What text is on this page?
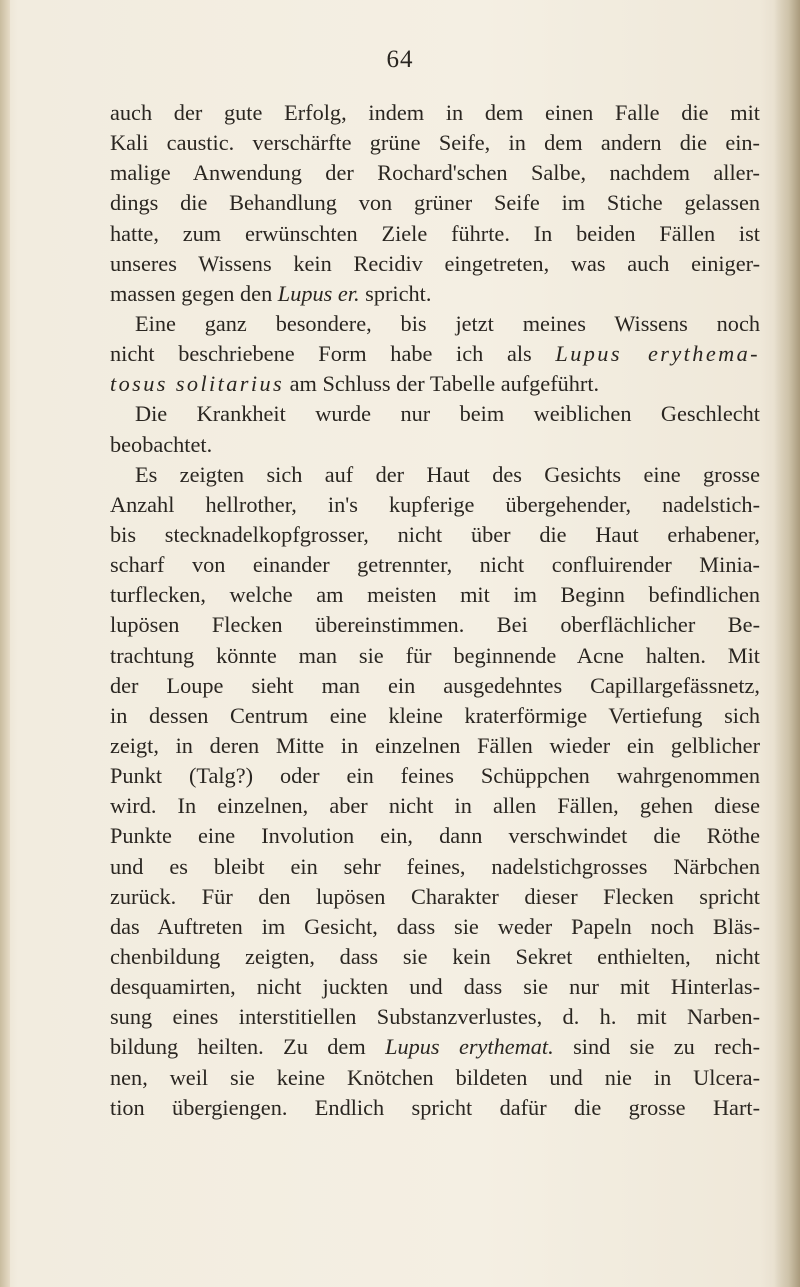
64
auch der gute Erfolg, indem in dem einen Falle die mit
Kali caustic. verschärfte grüne Seife, in dem andern die ein-
malige Anwendung der Rochard'schen Salbe, nachdem aller-
dings die Behandlung von grüner Seife im Stiche gelassen
hatte, zum erwünschten Ziele führte. In beiden Fällen ist
unseres Wissens kein Recidiv eingetreten, was auch einiger-
massen gegen den Lupus er. spricht.
Eine ganz besondere, bis jetzt meines Wissens noch
nicht beschriebene Form habe ich als Lupus erythema-
tosus solitarius am Schluss der Tabelle aufgeführt.
Die Krankheit wurde nur beim weiblichen Geschlecht
beobachtet.
Es zeigten sich auf der Haut des Gesichts eine grosse
Anzahl hellrother, in's kupferige übergehender, nadelstich-
bis stecknadelkopfgrosser, nicht über die Haut erhabener,
scharf von einander getrennter, nicht confluirender Minia-
turflecken, welche am meisten mit im Beginn befindlichen
lupösen Flecken übereinstimmen. Bei oberflächlicher Be-
trachtung könnte man sie für beginnende Acne halten. Mit
der Loupe sieht man ein ausgedehntes Capillargefässnetz,
in dessen Centrum eine kleine kraterförmige Vertiefung sich
zeigt, in deren Mitte in einzelnen Fällen wieder ein gelblicher
Punkt (Talg?) oder ein feines Schüppchen wahrgenommen
wird. In einzelnen, aber nicht in allen Fällen, gehen diese
Punkte eine Involution ein, dann verschwindet die Röthe
und es bleibt ein sehr feines, nadelstichgrosses Närbchen
zurück. Für den lupösen Charakter dieser Flecken spricht
das Auftreten im Gesicht, dass sie weder Papeln noch Bläs-
chenbildung zeigten, dass sie kein Sekret enthielten, nicht
desquamirten, nicht juckten und dass sie nur mit Hinterlas-
sung eines interstitiellen Substanzverlustes, d. h. mit Narben-
bildung heilten. Zu dem Lupus erythemat. sind sie zu rech-
nen, weil sie keine Knötchen bildeten und nie in Ulcera-
tion übergiengen. Endlich spricht dafür die grosse Hart-
